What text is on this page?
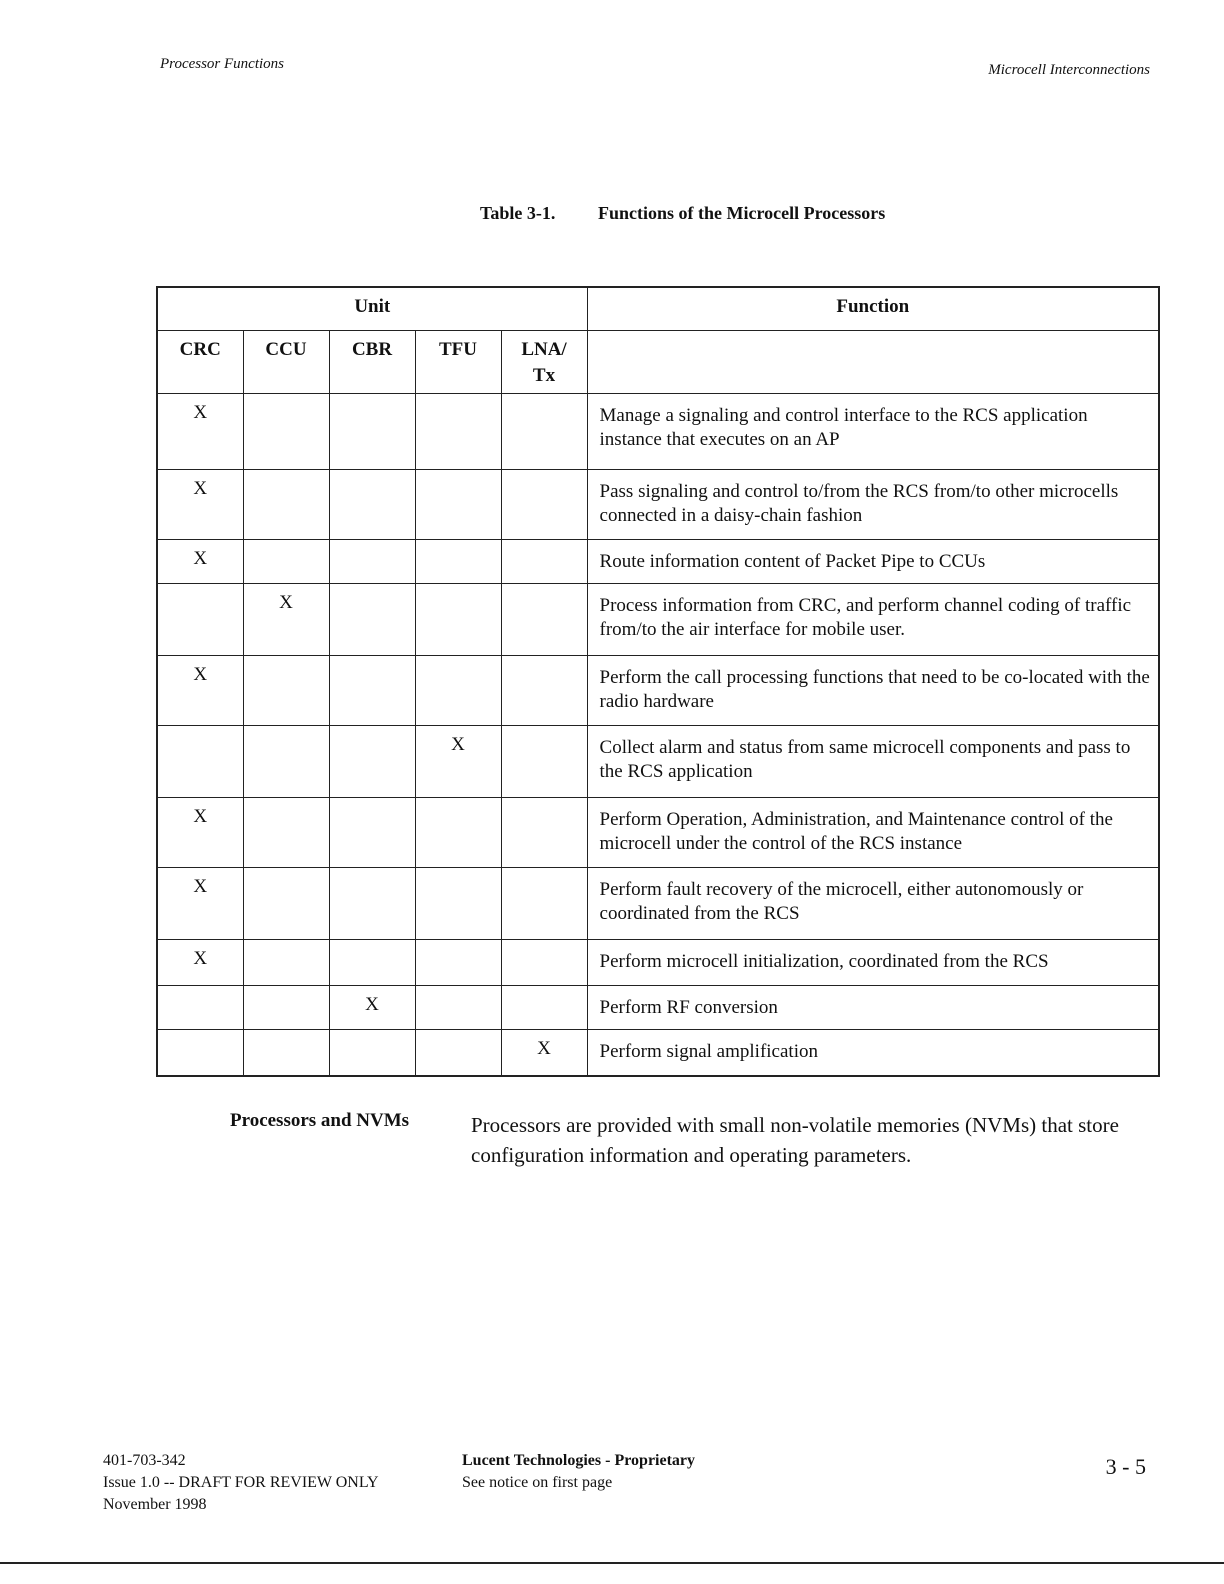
Processor Functions	Microcell Interconnections
Table 3-1. Functions of the Microcell Processors
Unit					Function
CRC	CCU	CBR	TFU	LNA/ Tx	
X					Manage a signaling and control interface to the RCS application instance that executes on an AP
X					Pass signaling and control to/from the RCS from/to other microcells connected in a daisy-chain fashion
X					Route information content of Packet Pipe to CCUs
	X				Process information from CRC, and perform channel coding of traffic from/to the air interface for mobile user.
X					Perform the call processing functions that need to be co-located with the radio hardware
			X		Collect alarm and status from same microcell components and pass to the RCS application
X					Perform Operation, Administration, and Maintenance control of the microcell under the control of the RCS instance
X					Perform fault recovery of the microcell, either autonomously or coordinated from the RCS
X					Perform microcell initialization, coordinated from the RCS
		X			Perform RF conversion
				X	Perform signal amplification
Processors and NVMs	Processors are provided with small non-volatile memories (NVMs) that store configuration information and operating parameters.
401-703-342
Issue 1.0 -- DRAFT FOR REVIEW ONLY
November 1998
Lucent Technologies - Proprietary
See notice on first page
3 - 5
